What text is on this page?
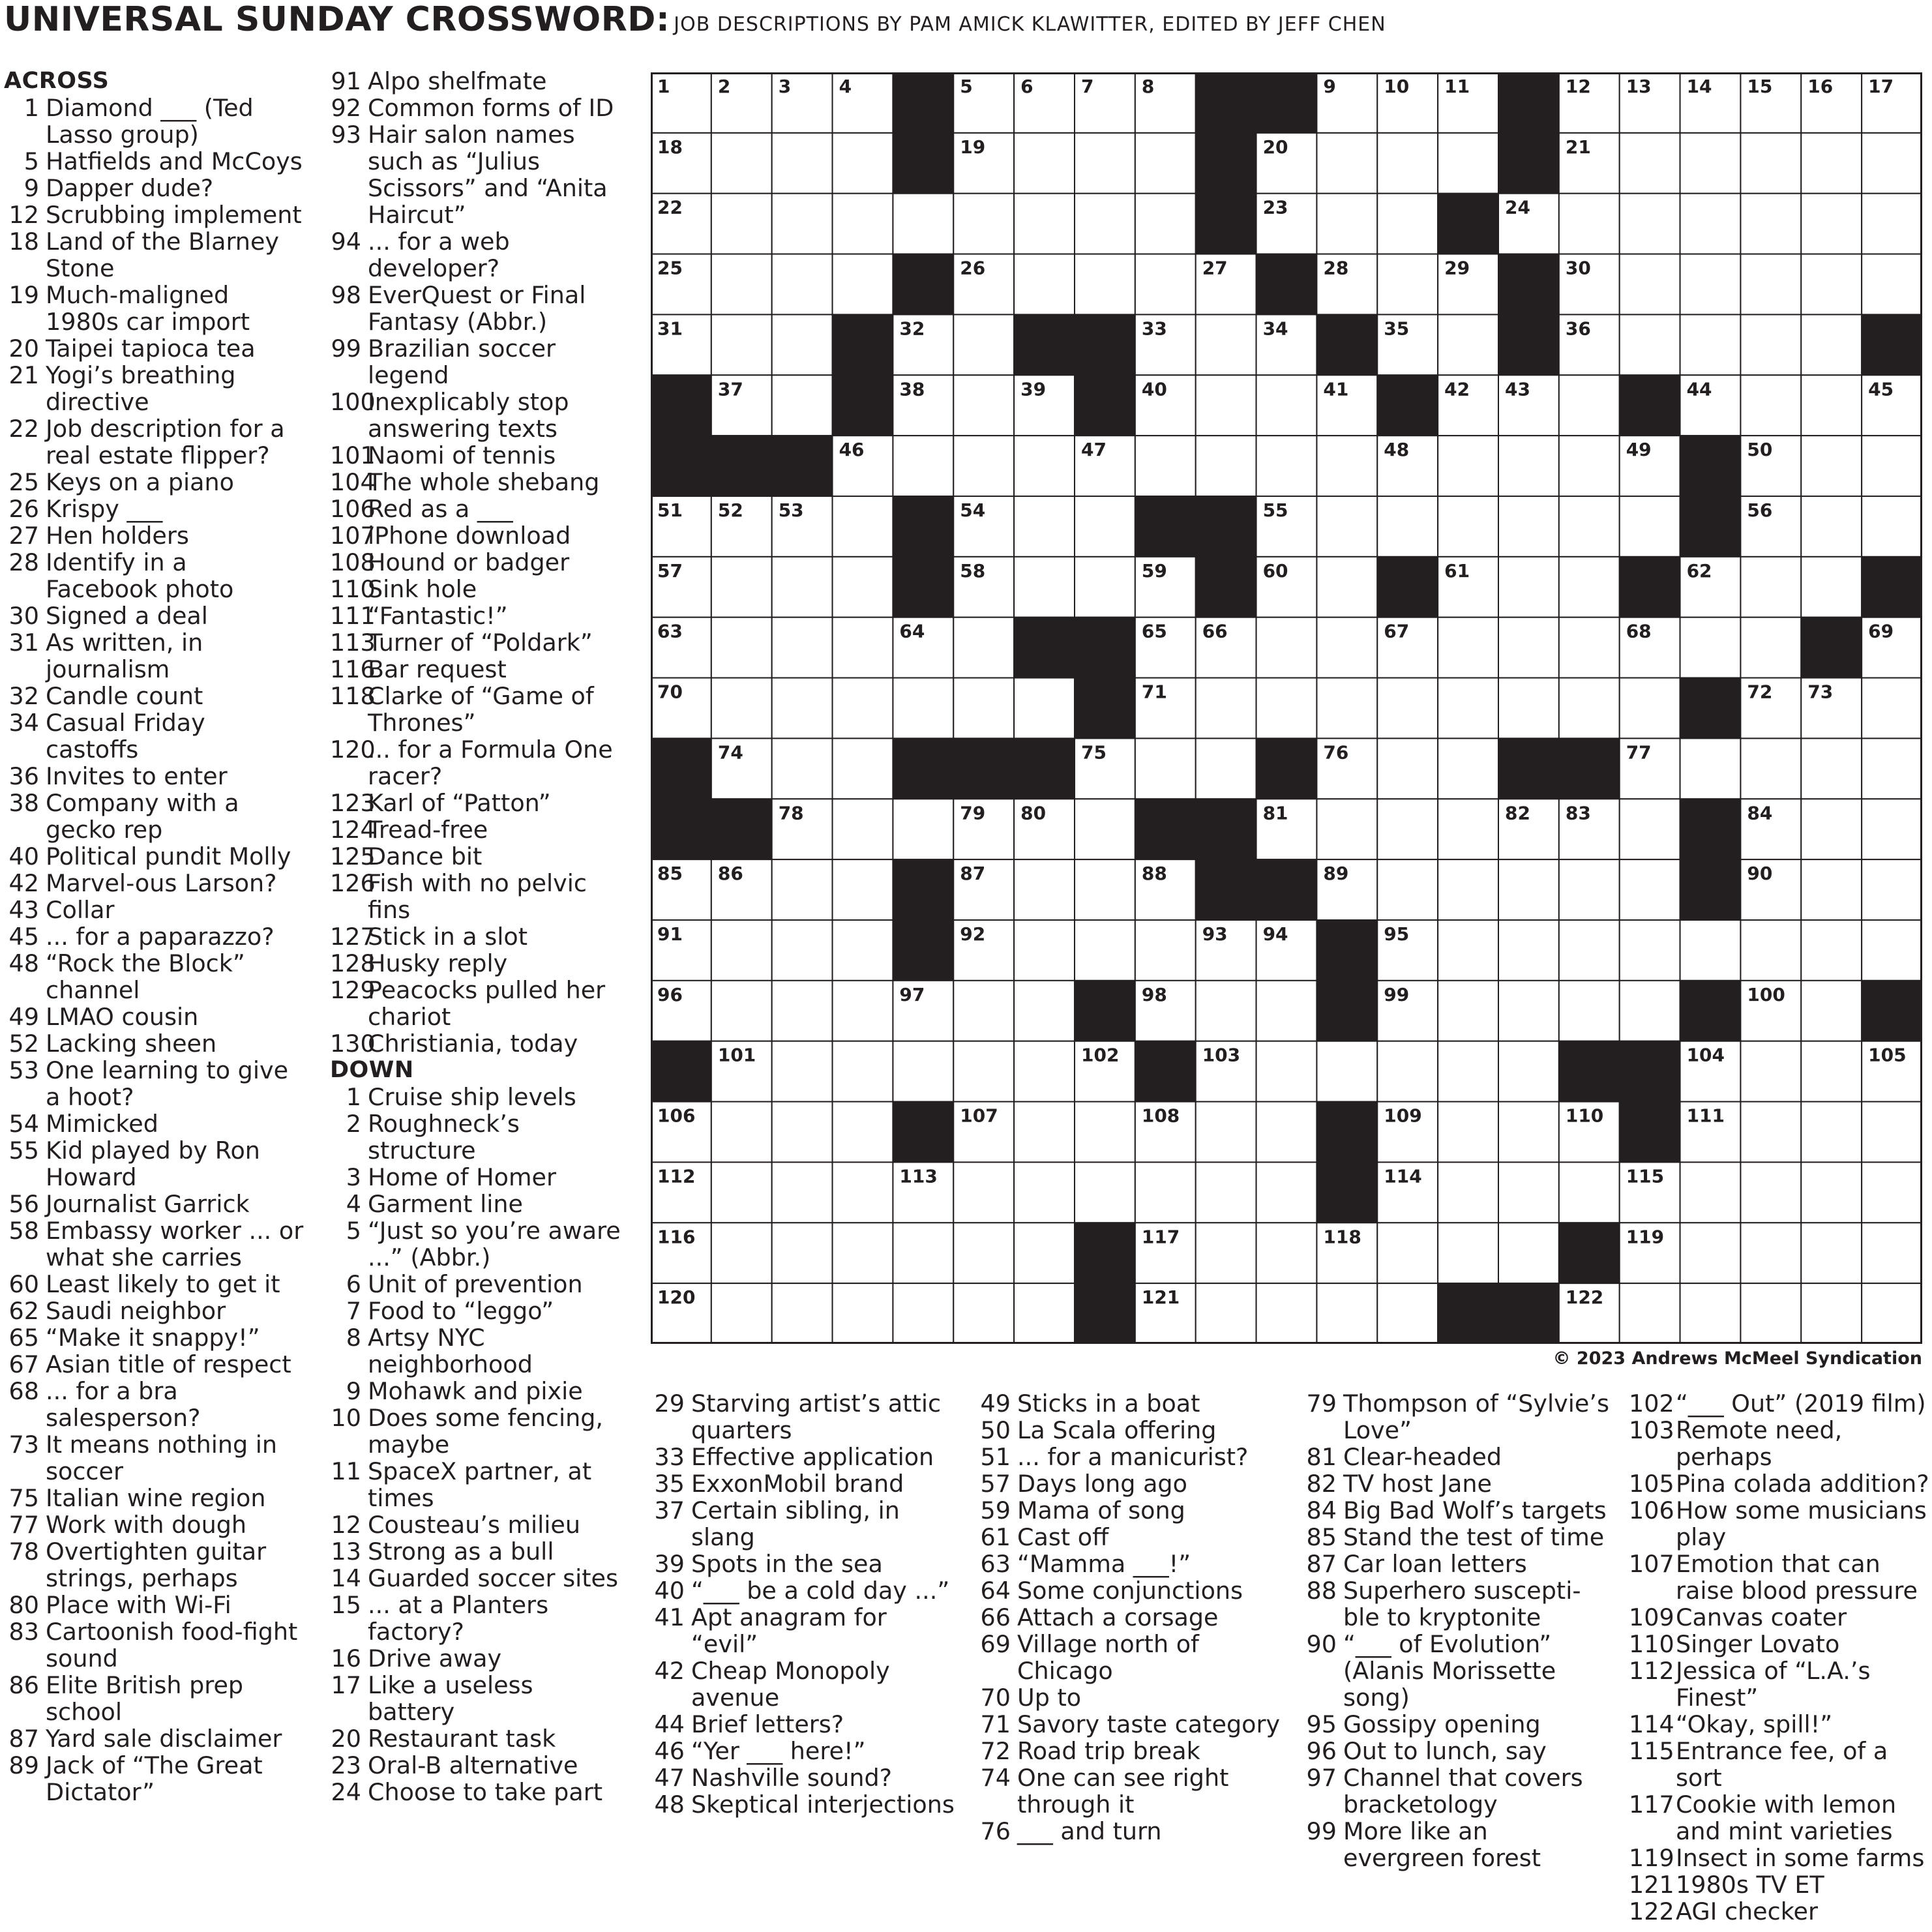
UNIVERSAL SUNDAY CROSSWORD: JOB DESCRIPTIONS BY PAM AMICK KLAWITTER, EDITED BY JEFF CHEN
ACROSS
1 Diamond ___ (Ted Lasso group)
5 Hatfields and McCoys
9 Dapper dude?
12 Scrubbing implement
18 Land of the Blarney Stone
19 Much-maligned 1980s car import
20 Taipei tapioca tea
21 Yogi’s breathing directive
22 Job description for a real estate flipper?
25 Keys on a piano
26 Krispy ___
27 Hen holders
28 Identify in a Facebook photo
30 Signed a deal
31 As written, in journalism
32 Candle count
34 Casual Friday castoffs
36 Invites to enter
38 Company with a gecko rep
40 Political pundit Molly
42 Marvel-ous Larson?
43 Collar
45 ... for a paparazzo?
48 “Rock the Block” channel
49 LMAO cousin
52 Lacking sheen
53 One learning to give a hoot?
54 Mimicked
55 Kid played by Ron Howard
56 Journalist Garrick
58 Embassy worker ... or what she carries
60 Least likely to get it
62 Saudi neighbor
65 “Make it snappy!”
67 Asian title of respect
68 ... for a bra salesperson?
73 It means nothing in soccer
75 Italian wine region
77 Work with dough
78 Overtighten guitar strings, perhaps
80 Place with Wi-Fi
83 Cartoonish food-fight sound
86 Elite British prep school
87 Yard sale disclaimer
89 Jack of “The Great Dictator”
91 Alpo shelfmate
92 Common forms of ID
93 Hair salon names such as “Julius Scissors” and “Anita Haircut”
94 ... for a web developer?
98 EverQuest or Final Fantasy (Abbr.)
99 Brazilian soccer legend
100
Inexplicably stop answering texts
101
Naomi of tennis
104
The whole shebang
106
Red as a ___
107
iPhone download
108
Hound or badger
110
Sink hole
111
“Fantastic!”
113
Turner of “Poldark”
116
Bar request
118
Clarke of “Game of Thrones”
120
... for a Formula One racer?
123
Karl of “Patton”
124
Tread-free
125
Dance bit
126
Fish with no pelvic fins
127
Stick in a slot
128
Husky reply
129
Peacocks pulled her chariot
130
Christiania, today
DOWN
1 Cruise ship levels
2 Roughneck’s structure
3 Home of Homer
4 Garment line
5 “Just so you’re aware ...” (Abbr.)
6 Unit of prevention
7 Food to “leggo”
8 Artsy NYC neighborhood
9 Mohawk and pixie
10 Does some fencing, maybe
11 SpaceX partner, at times
12 Cousteau’s milieu
13 Strong as a bull
14 Guarded soccer sites
15 ... at a Planters factory?
16 Drive away
17 Like a useless battery
20 Restaurant task
23 Oral-B alternative
24 Choose to take part
29 Starving artist’s attic quarters
33 Effective application
35 ExxonMobil brand
37 Certain sibling, in slang
39 Spots in the sea
40 “___ be a cold day ...”
41 Apt anagram for “evil”
42 Cheap Monopoly avenue
44 Brief letters?
46 “Yer ___ here!”
47 Nashville sound?
48 Skeptical interjections
49 Sticks in a boat
50 La Scala offering
51 ... for a manicurist?
57 Days long ago
59 Mama of song
61 Cast off
63 “Mamma ___!”
64 Some conjunctions
66 Attach a corsage
69 Village north of Chicago
70 Up to
71 Savory taste category
72 Road trip break
74 One can see right through it
76 ___ and turn
79 Thompson of “Sylvie’s Love”
81 Clear-headed
82 TV host Jane
84 Big Bad Wolf’s targets
85 Stand the test of time
87 Car loan letters
88 Superhero suscepti-ble to kryptonite
90 “___ of Evolution” (Alanis Morissette song)
95 Gossipy opening
96 Out to lunch, say
97 Channel that covers bracketology
99 More like an evergreen forest
102 “___ Out” (2019 film)
103 Remote need, perhaps
105 Pina colada addition?
106 How some musicians play
107 Emotion that can raise blood pressure
109 Canvas coater
110 Singer Lovato
112 Jessica of “L.A.’s Finest”
114 “Okay, spill!”
115 Entrance fee, of a sort
117 Cookie with lemon and mint varieties
119 Insect in some farms
121 1980s TV ET
122 AGI checker
1	2	3	4	5	6	7	8	9	10 11	12 13 14 15 16 17
18	19	20	21
22	23	24
25	26	27	28	29	30
31	32	33	34	35	36
37	38	39	40	41	42 43	44	45
46	47	48	49	50
51 52 53	54	55	56
57	58	59	60	61	62
63	64	65 66	67	68	69
70	71	72 73
74	75	76	77
78	79 80	81	82 83	84
85 86	87	88	89	90
91	92	93 94	95
96	97	98	99	100
101	102	103	104	105
106	107	108	109	110	111
112	113	114	115
116	117	118	119
120	121	122
© 2023 Andrews McMeel Syndication
